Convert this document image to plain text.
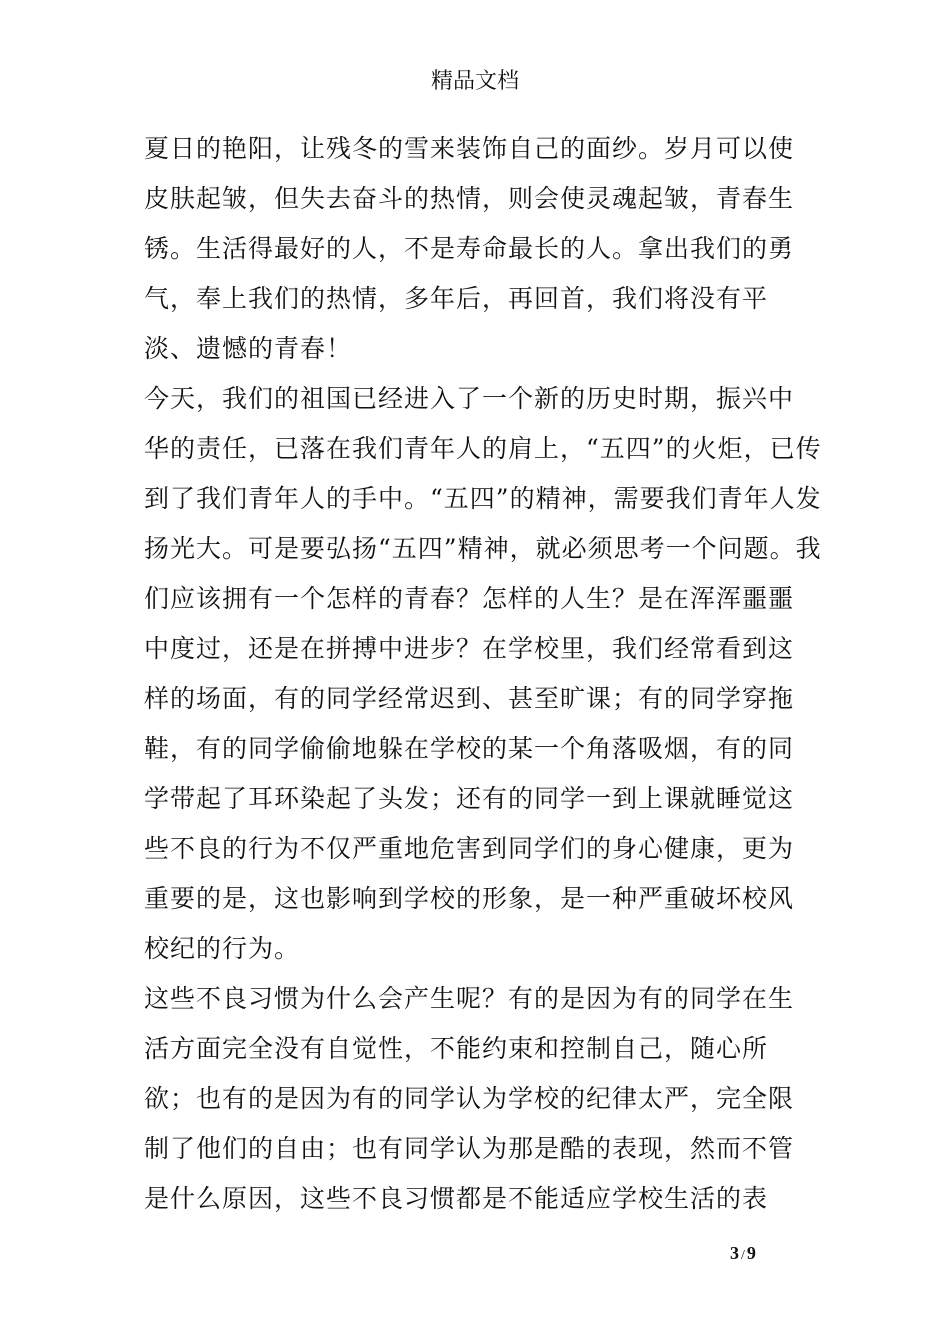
精品文档
夏日的艳阳，让残冬的雪来装饰自己的面纱。岁月可以使
皮肤起皱，但失去奋斗的热情，则会使灵魂起皱，青春生
锈。生活得最好的人，不是寿命最长的人。拿出我们的勇
气，奉上我们的热情，多年后，再回首，我们将没有平
淡、遗憾的青春！
今天，我们的祖国已经进入了一个新的历史时期，振兴中
华的责任，已落在我们青年人的肩上，“五四”的火炬，已传
到了我们青年人的手中。“五四”的精神，需要我们青年人发
扬光大。可是要弘扬“五四”精神，就必须思考一个问题。我
们应该拥有一个怎样的青春？怎样的人生？是在浑浑噩噩
中度过，还是在拼搏中进步？在学校里，我们经常看到这
样的场面，有的同学经常迟到、甚至旷课；有的同学穿拖
鞋，有的同学偷偷地躲在学校的某一个角落吸烟，有的同
学带起了耳环染起了头发；还有的同学一到上课就睡觉这
些不良的行为不仅严重地危害到同学们的身心健康，更为
重要的是，这也影响到学校的形象，是一种严重破坏校风
校纪的行为。
这些不良习惯为什么会产生呢？有的是因为有的同学在生
活方面完全没有自觉性，不能约束和控制自己，随心所
欲；也有的是因为有的同学认为学校的纪律太严，完全限
制了他们的自由；也有同学认为那是酷的表现，然而不管
是什么原因，这些不良习惯都是不能适应学校生活的表
3 / 9
